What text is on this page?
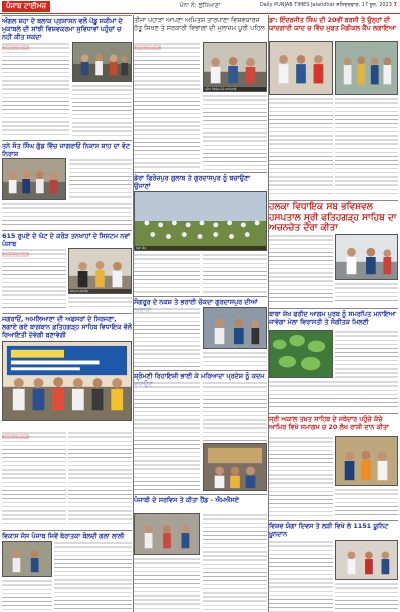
ਪੰਜਾਬ ਟਾਈਮਜ਼	ਪੰਨਾ ਨੰ: ਲੁਧਿਆਣਾ	Daily PUNJAB TIMES Jalandhar ਸ਼ਨਿਚਰਵਾਰ, 17 ਜੂਨ, 2023 7
ਅੰਗਲ ਸ਼ਹਾ ਦੇ ਬਲਾਕ ਪ੍ਰਸ਼ਾਸਨ ਵਲੋਂ ਪੇਂਡੂ ਸਕੀਮਾਂ ਦੇ ਮੁਕਾਬਲੇ ਦੀ ਸਾਂਝੀ ਵਿਸ਼ਵਕਰਮਾ ਸੁਵਿਧਾਵਾਂ ਪਹੁੰਚਾਂ ਚ ਨਹੀਂ ਕੀਤ ਸਕਦਾ
ਤਨੇ ਸੰਤ ਸਿੰਘ ਗੁੱਡ ਵਿੱਚ ਜਾਗਰਾਓਂ ਨਿਕਾਸ ਸ਼ਾਹ ਦਾ ਵੋਟ ਨਿਰਾਸ਼
615 ਰੁਪਏ ਦੇ ਘੱਟ ਦੇ ਕਰੋੜ ਤਨਖਾਹਾਂ ਦੇ ਸਿਸਟਮ ਨਵਾਂ ਪੰਜਾਬ
ਸਨਮਾਨ ਸਮਾਰੋਹ
ਜਗਰਾਓਂ, ਅਮਲਿਆਣਾ ਦੀ ਅਫਸਰਾਂ ਦੇ ਸਿਰਜਣਾ, ਲਗਾਏ ਗਏ ਬਾਗਬਾਨ ਫ਼ਤਿਹਗੜ੍ਹ ਸਾਹਿਬ ਵਿਧਾਇਕ ਵੱਲੋਂ ਰਿਆਇਤੀ ਦੇਵੇਗੀ ਬਣਾਵੇਗੀ
ਵਿਕਾਸ ਜੱਸ ਪੰਜਾਬ ਜਿਵੇਂ ਬੇਰਾਤਕਾ ਬੋਲਦੀ ਗਲਾ ਲਾਲੀ
ਤੀਜਾ ਪਹਾੜਾ ਆਪਣਾ ਅਮਿਤਸ਼ ਤਾਰਪਾਣਾ ਵਿਸ਼ਵਕਾਰਜ ਹੱਤੂ ਸਿਖਣ ਤੇ ਸਰਕਾਰੀ ਵਿਭਾਗਾਂ ਦੀ ਮੁਲਾਜ਼ਮ ਪੂਰੀ ਪਹਿਲ
ਪ੍ਰੈਸ ਰਿਲੀਜ਼ ਮੌਕੇ ਅਧਿਕਾਰੀ
ਡੇਰਾ ਫਿਰੋਜ਼ਪੁਰ ਗੁਲਾਬ ਤੇ ਗੁਰਦਾਸਪੁਰ ਨੂੰ ਬਚਾਉਣਾ ਉਜਾਣਾਂ
ਯੋਗਾ ਕੈਂਪ
ਸੰਗਰੂਰ ਦੇ ਨਕਸ਼ ਤੇ ਭਰਾਈ ਚੱਕਦਾ ਗੁਰਦਾਸਪੁਰ ਦੀਆਂ
ਸ਼੍ਰੋਮਣੀ ਰਿਹਾਇਸ਼ੀ ਭਾਈ ਕੇ ਮਰਿਆਦਾ ਪ੍ਰਦੇਸ਼ ਨੂੰ ਕਦਮ
ਪੰਜਾਬੀ ਦੇ ਸਰਵਿਸ ਤੇ ਕੀਤਾ ਹੈਂਡ - ਐਮਐਸਏ
ਡਾ: ਇੰਦਰਜੀਤ ਸਿੰਘ ਦੀ 20ਵੀਂ ਬਰਸੀ ਤੇ ਉਨ੍ਹਾਂ ਦੀ ਯਾਦਗਾਰੀ ਯਾਦ ਚ ਵਿੱਚ ਮੁਫਤ ਮੈਡੀਕਲ ਕੈਂਪ ਲਗਾਇਆ
ਹਲਕਾ ਵਿਧਾਇਕ ਸਬ ਭਵਿਸ਼ਵਲ ਹਸਪਤਾਲ ਸ੍ਰੀ ਫਤਿਹਗੜ੍ਹ ਸਾਹਿਬ ਦਾ ਅਚਨਚੇਤ ਦੌਰਾ ਕੀਤਾ
ਬਾਬਾ ਸ਼ੇਖ ਫਰੀਦ ਆਗਮ ਪੁਰਬ ਨੂੰ ਸਮਰਪਿਤ ਮਨਾਇਆ ਜਾਵੇਗਾ ਮੇਲਾ ਵਿਰਾਸਤੀ ਤੇ ਸੰਗੀਤਕ ਮਿਲਣੀ
ਸ੍ਰੀ ਅਕਾਲ ਤਖ਼ਤ ਸਾਹਿਬ ਦੇ ਜਥੇਦਾਰ ਪਹੁੰਚੇ ਕੱਚੇ ਆਮਿਰ ਵਿਖੇ ਸਮਾਗਮ ਚ 20 ਲੱਖ ਰਾਸ਼ੀ ਦਾਨ ਕੀਤਾ
ਵਿਸ਼ਵ ਯੋਗਾ ਦਿਵਸ ਤੇ ਲੜੀ ਵਿਖੇ ਲੇ 1151 ਯੂਨਿਟ ਖੂਨਦਾਨ
